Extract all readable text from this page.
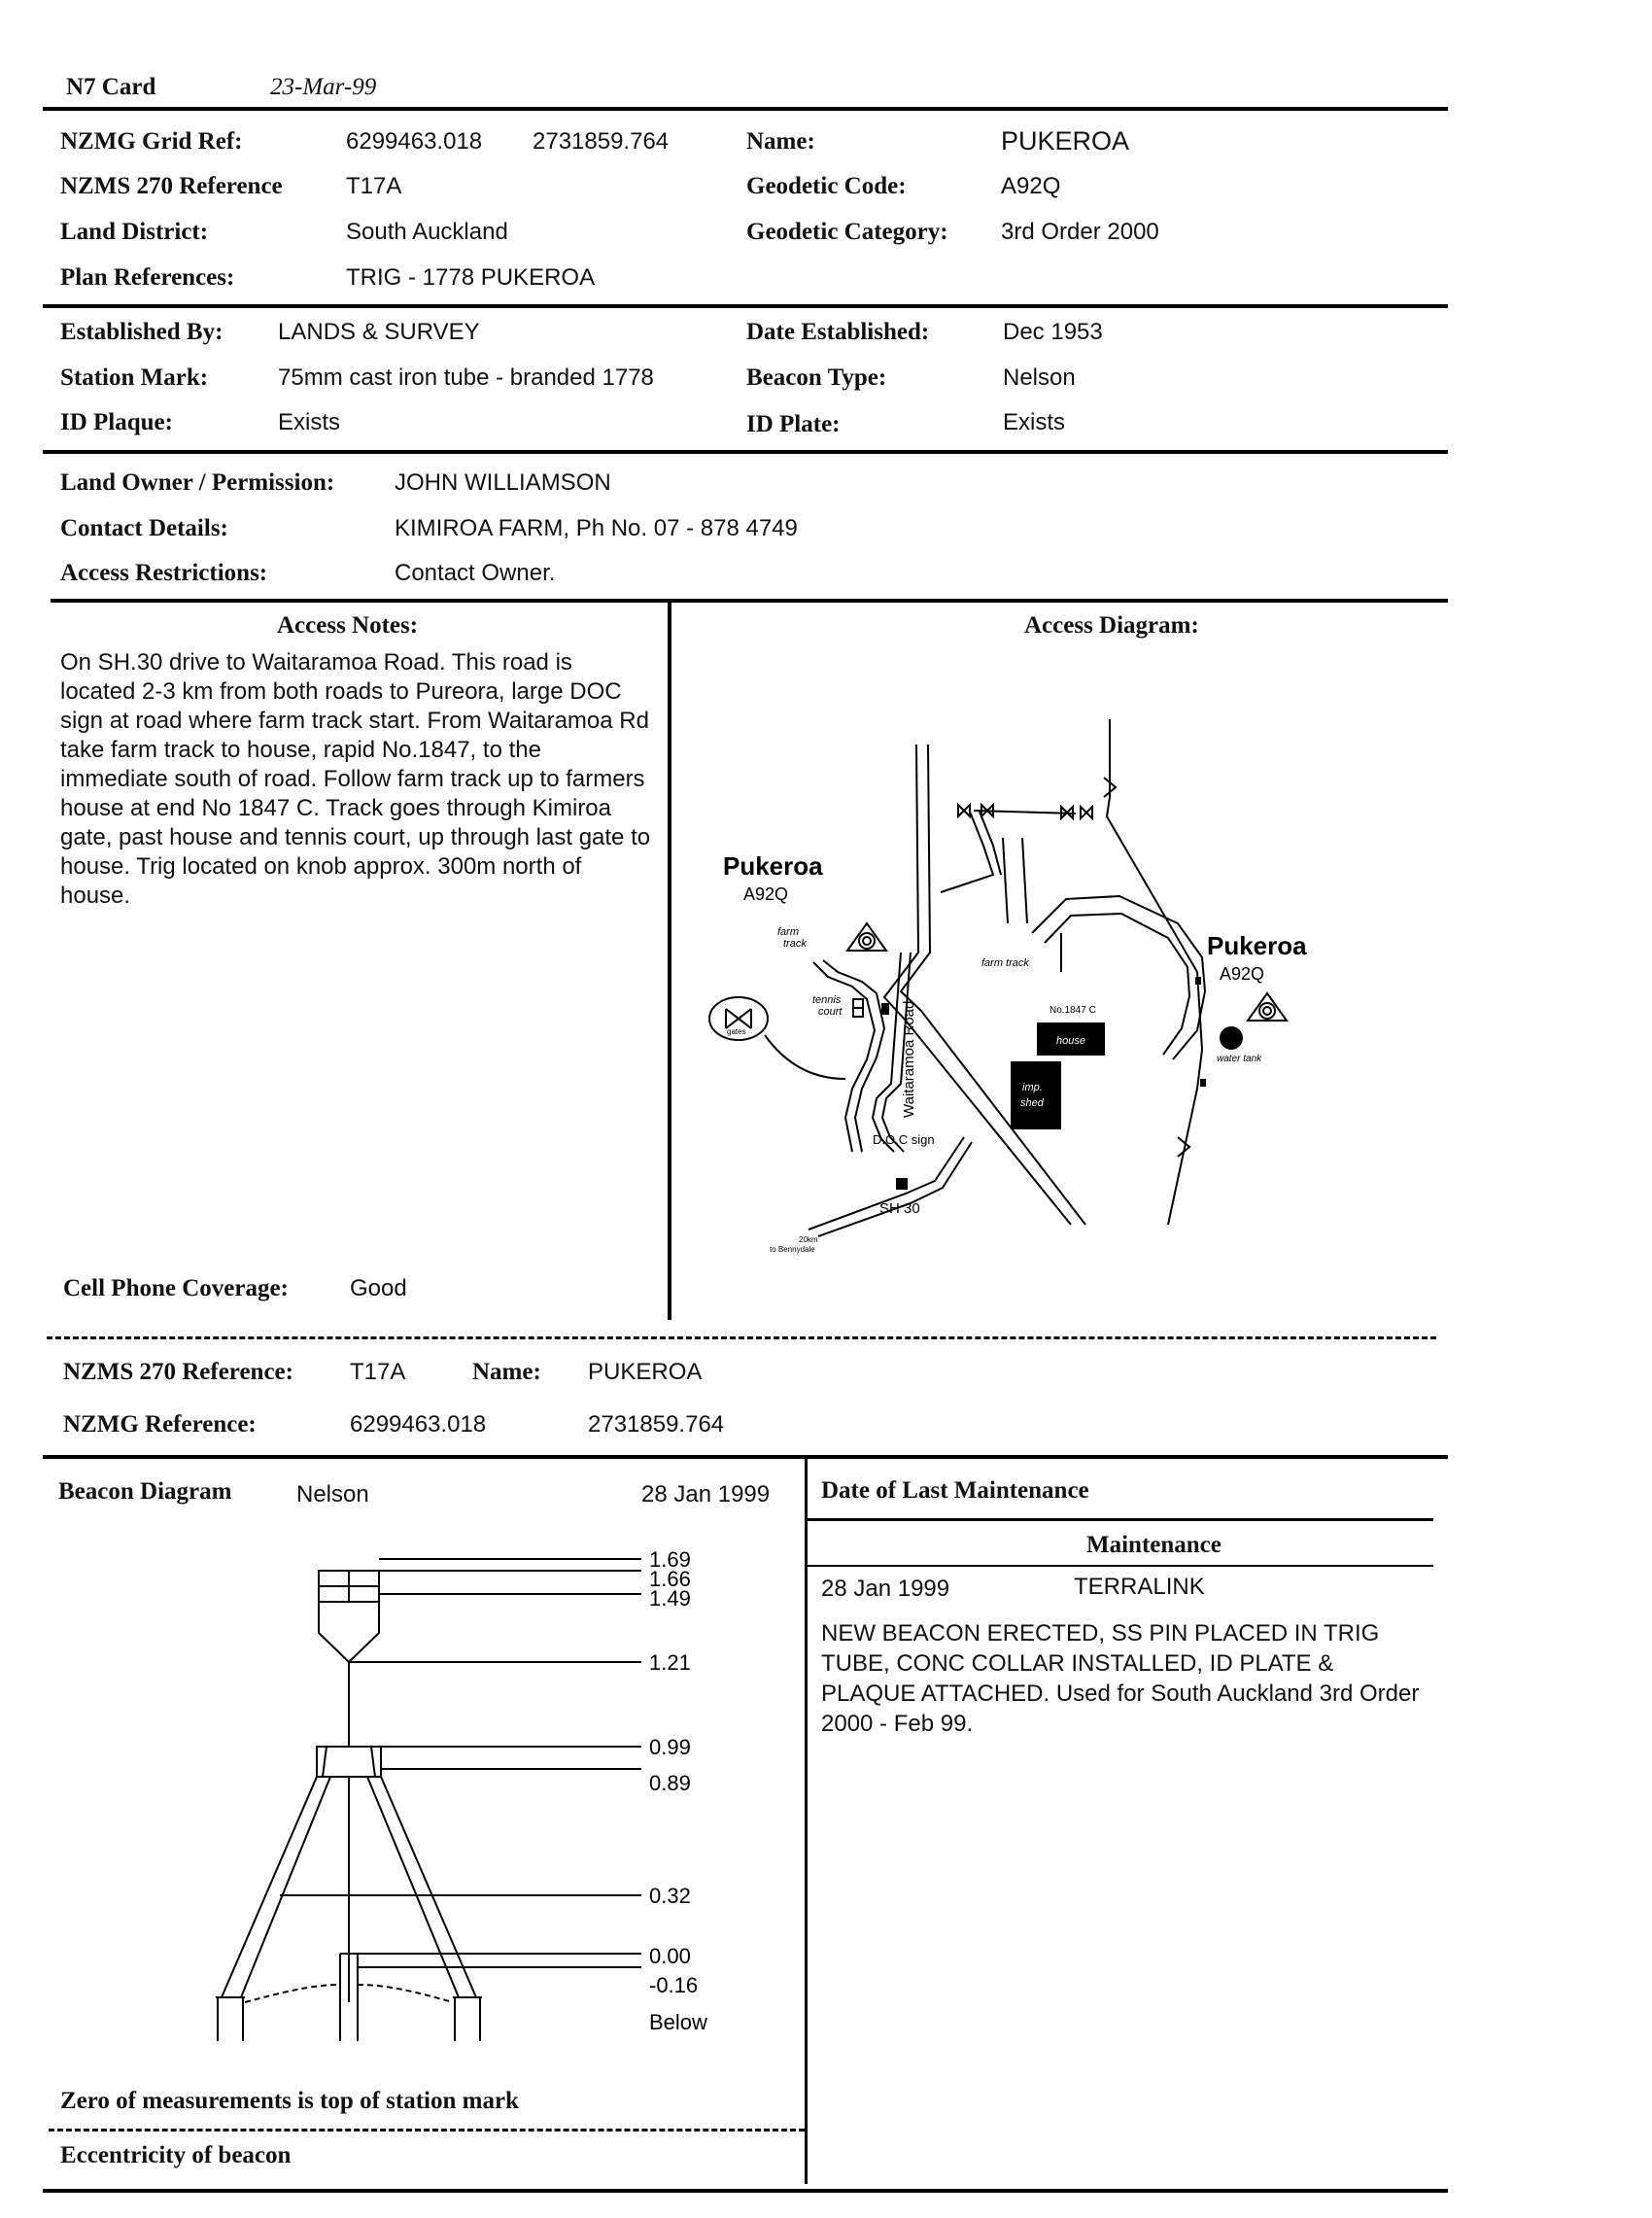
N7 Card	23-Mar-99
NZMG Grid Ref:	6299463.018 2731859.764
NZMS 270 Reference	T17A
Land District:	South Auckland
Plan References:	TRIG - 1778 PUKEROA
Name:	PUKEROA
Geodetic Code:	A92Q
Geodetic Category: 3rd Order 2000
Established By: LANDS & SURVEY
Station Mark:	75mm cast iron tube - branded 1778
ID Plaque:	Exists
Date Established:	Dec 1953
Beacon Type:	Nelson
ID Plate:	Exists
Land Owner / Permission:	JOHN WILLIAMSON
Contact Details:	KIMIROA FARM, Ph No. 07 - 878 4749
Access Restrictions:	Contact Owner.
Access Notes:
On SH.30 drive to Waitaramoa Road. This road is located 2-3 km from both roads to Pureora, large DOC sign at road where farm track start. From Waitaramoa Rd take farm track to house, rapid No.1847, to the immediate south of road. Follow farm track up to farmers house at end No 1847 C. Track goes through Kimiroa gate, past house and tennis court, up through last gate to house. Trig located on knob approx. 300m north of house.
Cell Phone Coverage:	Good
Access Diagram:
Pukeroa
A92Q
Pukeroa
A92Q
farm
track
tennis
court
gates	Waitaramoa Road
D.O.C sign
SH 30
20km
to Bennydale
farm track
No.1847 C
house
imp.
shed
water tank
NZMS 270 Reference: T17A	Name: PUKEROA
NZMG Reference:	6299463.018	2731859.764
Beacon Diagram	Nelson	28 Jan 1999
1.69
1.66
1.49
1.21
0.99
0.89
0.32
0.00
-0.16
Below
Zero of measurements is top of station mark
Eccentricity of beacon
Date of Last Maintenance
Maintenance
28 Jan 1999	TERRALINK
NEW BEACON ERECTED, SS PIN PLACED IN TRIG TUBE, CONC COLLAR INSTALLED, ID PLATE & PLAQUE ATTACHED. Used for South Auckland 3rd Order 2000 - Feb 99.
